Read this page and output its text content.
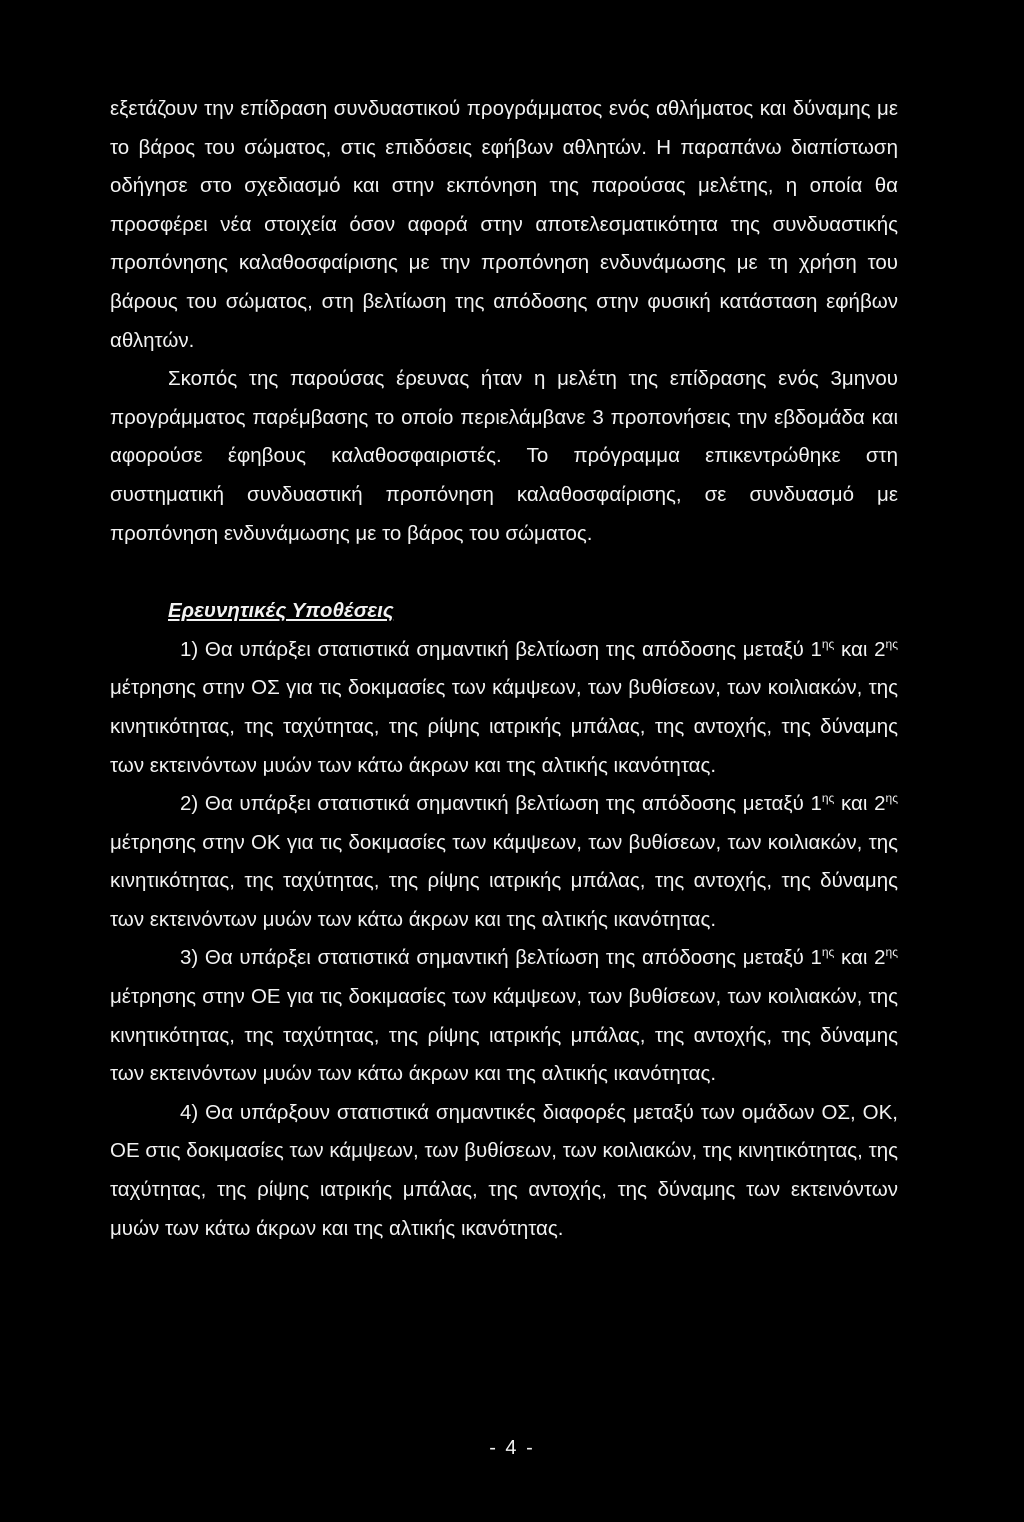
εξετάζουν την επίδραση συνδυαστικού προγράμματος ενός αθλήματος και δύναμης με το βάρος του σώματος, στις επιδόσεις εφήβων αθλητών. Η παραπάνω διαπίστωση οδήγησε στο σχεδιασμό και στην εκπόνηση της παρούσας μελέτης, η οποία θα προσφέρει νέα στοιχεία όσον αφορά στην αποτελεσματικότητα της συνδυαστικής προπόνησης καλαθοσφαίρισης με την προπόνηση ενδυνάμωσης με τη χρήση του βάρους του σώματος, στη βελτίωση της απόδοσης στην φυσική κατάσταση εφήβων αθλητών.

Σκοπός της παρούσας έρευνας ήταν η μελέτη της επίδρασης ενός 3μηνου προγράμματος παρέμβασης το οποίο περιελάμβανε 3 προπονήσεις την εβδομάδα και αφορούσε έφηβους καλαθοσφαιριστές. Το πρόγραμμα επικεντρώθηκε στη συστηματική συνδυαστική προπόνηση καλαθοσφαίρισης, σε συνδυασμό με προπόνηση ενδυνάμωσης με το βάρος του σώματος.

Ερευνητικές Υποθέσεις

1) Θα υπάρξει στατιστικά σημαντική βελτίωση της απόδοσης μεταξύ $1^{\eta\varsigma}$ και $2^{\eta\varsigma}$ μέτρησης στην ΟΣ για τις δοκιμασίες των κάμψεων, των βυθίσεων, των κοιλιακών, της κινητικότητας, της ταχύτητας, της ρίψης ιατρικής μπάλας, της αντοχής, της δύναμης των εκτεινόντων μυών των κάτω άκρων και της αλτικής ικανότητας.

2) Θα υπάρξει στατιστικά σημαντική βελτίωση της απόδοσης μεταξύ $1^{\eta\varsigma}$ και $2^{\eta\varsigma}$ μέτρησης στην ΟΚ για τις δοκιμασίες των κάμψεων, των βυθίσεων, των κοιλιακών, της κινητικότητας, της ταχύτητας, της ρίψης ιατρικής μπάλας, της αντοχής, της δύναμης των εκτεινόντων μυών των κάτω άκρων και της αλτικής ικανότητας.

3) Θα υπάρξει στατιστικά σημαντική βελτίωση της απόδοσης μεταξύ $1^{\eta\varsigma}$ και $2^{\eta\varsigma}$ μέτρησης στην ΟΕ για τις δοκιμασίες των κάμψεων, των βυθίσεων, των κοιλιακών, της κινητικότητας, της ταχύτητας, της ρίψης ιατρικής μπάλας, της αντοχής, της δύναμης των εκτεινόντων μυών των κάτω άκρων και της αλτικής ικανότητας.

4) Θα υπάρξουν στατιστικά σημαντικές διαφορές μεταξύ των ομάδων ΟΣ, ΟΚ, ΟΕ στις δοκιμασίες των κάμψεων, των βυθίσεων, των κοιλιακών, της κινητικότητας, της ταχύτητας, της ρίψης ιατρικής μπάλας, της αντοχής, της δύναμης των εκτεινόντων μυών των κάτω άκρων και της αλτικής ικανότητας.

- 4 -
